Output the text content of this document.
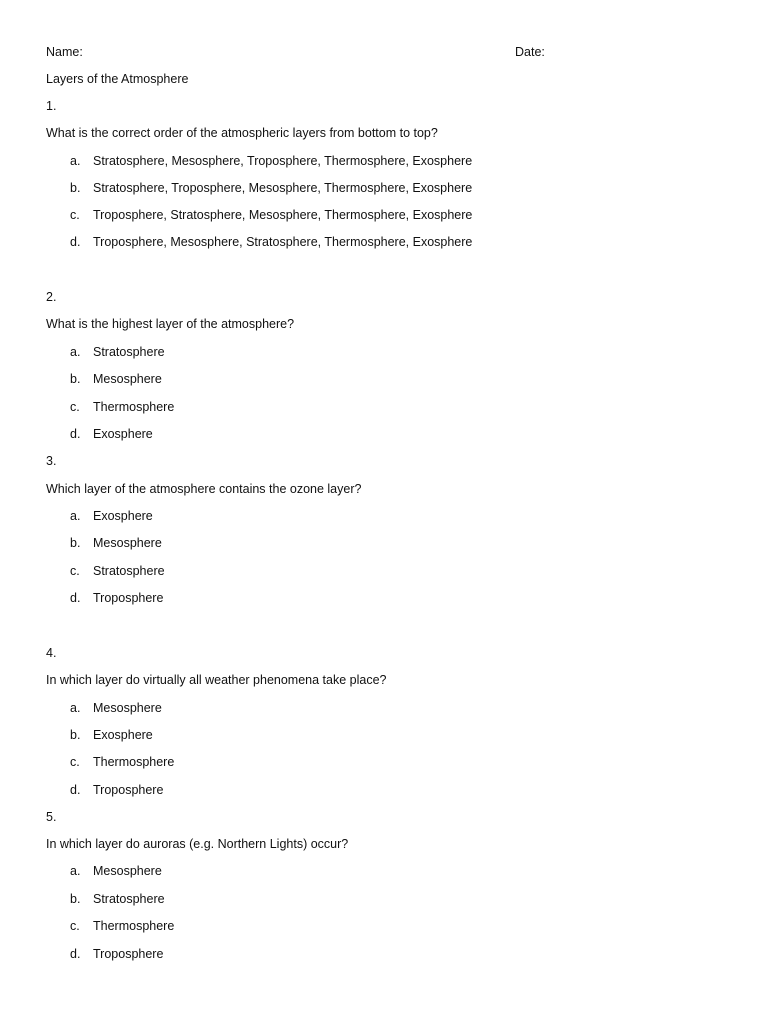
Name:	Date:
Layers of the Atmosphere
1.
What is the correct order of the atmospheric layers from bottom to top?
a.	Stratosphere, Mesosphere, Troposphere, Thermosphere, Exosphere
b.	Stratosphere, Troposphere, Mesosphere, Thermosphere, Exosphere
c.	Troposphere, Stratosphere, Mesosphere, Thermosphere, Exosphere
d.	Troposphere, Mesosphere, Stratosphere, Thermosphere, Exosphere
2.
What is the highest layer of the atmosphere?
a.	Stratosphere
b.	Mesosphere
c.	Thermosphere
d.	Exosphere
3.
Which layer of the atmosphere contains the ozone layer?
a.	Exosphere
b.	Mesosphere
c.	Stratosphere
d.	Troposphere
4.
In which layer do virtually all weather phenomena take place?
a.	Mesosphere
b.	Exosphere
c.	Thermosphere
d.	Troposphere
5.
In which layer do auroras (e.g. Northern Lights) occur?
a.	Mesosphere
b.	Stratosphere
c.	Thermosphere
d.	Troposphere
